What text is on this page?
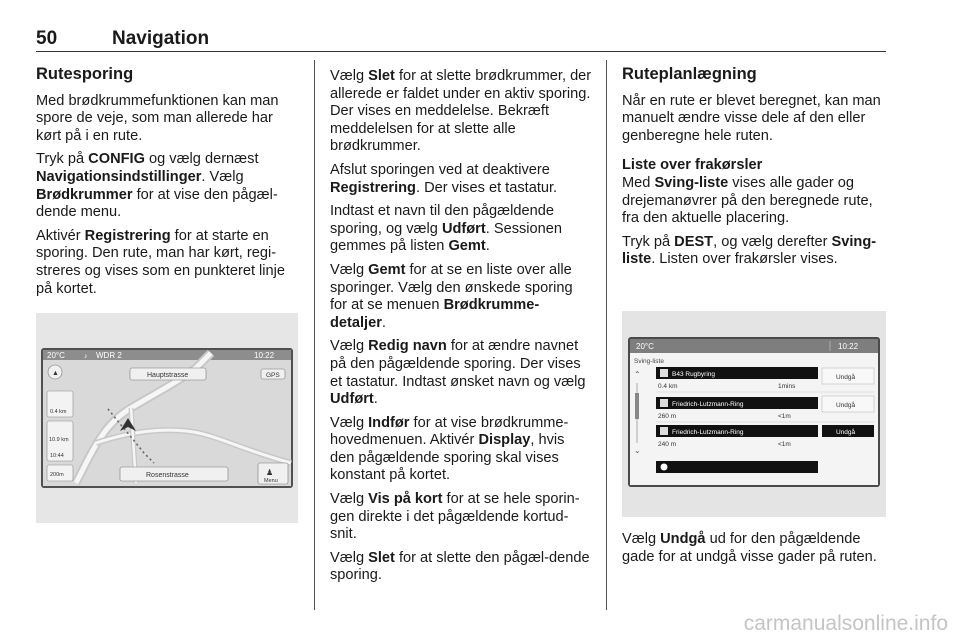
50	Navigation
Rutesporing

Med brødkrummefunktionen kan man spore de veje, som man allerede har kørt på i en rute.

Tryk på CONFIG og vælg dernæst Navigationsindstillinger. Vælg Brødkrummer for at vise den pågæl‐dende menu.

Aktivér Registrering for at starte en sporing. Den rute, man har kørt, regi‐streres og vises som en punkteret linje på kortet.

20°C	♪ WDR 2	10:22
Hauptstrasse	GPS
▲
0.4 km
10.9 km
10:44
200m	Rosenstrasse	♟
Menu

Vælg Slet for at slette brødkrummer, der allerede er faldet under en aktiv sporing. Der vises en meddelelse. Bekræft meddelelsen for at slette alle brødkrummer.

Afslut sporingen ved at deaktivere Registrering. Der vises et tastatur.

Indtast et navn til den pågældende sporing, og vælg Udført. Sessionen gemmes på listen Gemt.

Vælg Gemt for at se en liste over alle sporinger. Vælg den ønskede sporing for at se menuen Brødkrumme‐detaljer.

Vælg Redig navn for at ændre navnet på den pågældende sporing. Der vises et tastatur. Indtast ønsket navn og vælg Udført.

Vælg Indfør for at vise brødkrumme‐hovedmenuen. Aktivér Display, hvis den pågældende sporing skal vises konstant på kortet.

Vælg Vis på kort for at se hele sporin‐gen direkte i det pågældende kortud‐snit.

Vælg Slet for at slette den pågæl‐dende sporing.

Ruteplanlægning

Når en rute er blevet beregnet, kan man manuelt ændre visse dele af den eller genberegne hele ruten.

Liste over frakørsler

Med Sving-liste vises alle gader og drejemanøvrer på den beregnede rute, fra den aktuelle placering.

Tryk på DEST, og vælg derefter Sving-liste. Listen over frakørsler vises.

20°C	10:22
Sving-liste
⌃
⌄
B43 Rugbyring
0.4 km	1mins
Undgå
Friedrich-Lutzmann-Ring
260 m	<1m
Undgå
Friedrich-Lutzmann-Ring
240 m	<1m
Undgå

Vælg Undgå ud for den pågældende gade for at undgå visse gader på ruten.

carmanualsonline.info
